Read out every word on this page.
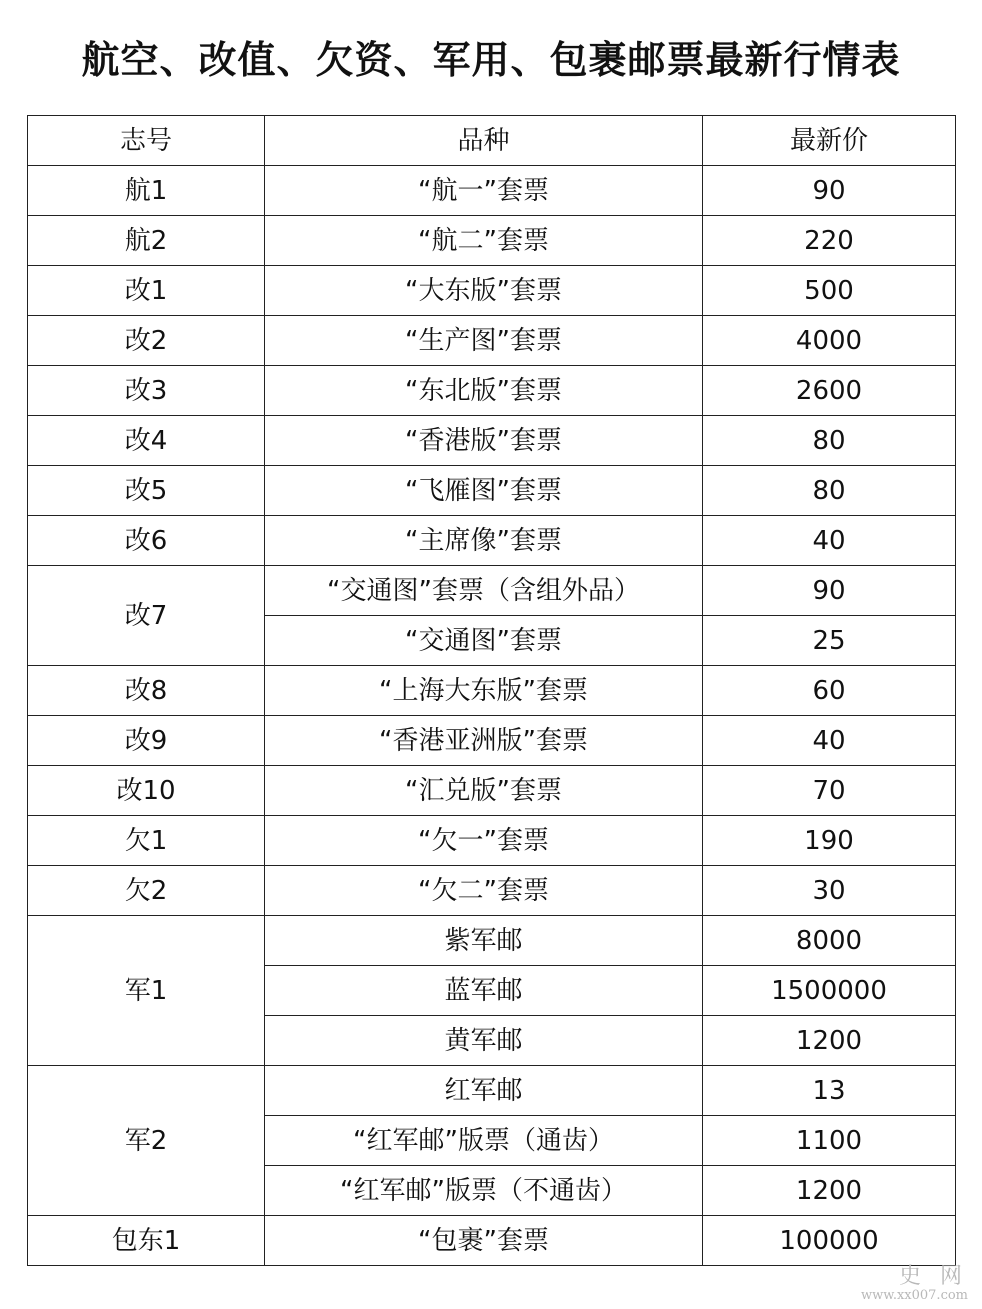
航空、改值、欠资、军用、包裹邮票最新行情表
志号	品种	最新价
航1	“航一”套票	90
航2	“航二”套票	220
改1	“大东版”套票	500
改2	“生产图”套票	4000
改3	“东北版”套票	2600
改4	“香港版”套票	80
改5	“飞雁图”套票	80
改6	“主席像”套票	40
改7	“交通图”套票（含组外品）	90
	“交通图”套票	25
改8	“上海大东版”套票	60
改9	“香港亚洲版”套票	40
改10	“汇兑版”套票	70
欠1	“欠一”套票	190
欠2	“欠二”套票	30
军1	紫军邮	8000
	蓝军邮	1500000
	黄军邮	1200
军2	红军邮	13
	“红军邮”版票（通齿）	1100
	“红军邮”版票（不通齿）	1200
包东1	“包裹”套票	100000
史 网
www.xx007.com
